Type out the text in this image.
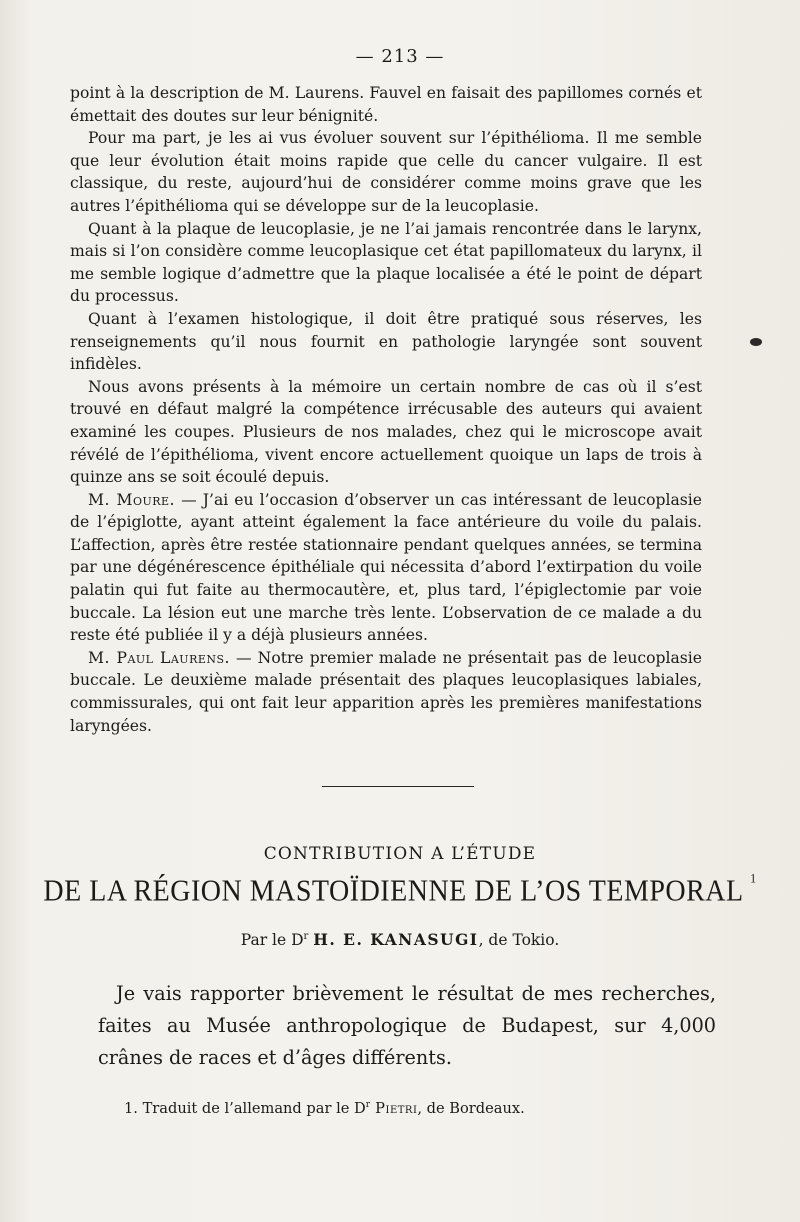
— 213 —

point à la description de M. Laurens. Fauvel en faisait des papillomes cornés et émettait des doutes sur leur bénignité.

Pour ma part, je les ai vus évoluer souvent sur l’épithélioma. Il me semble que leur évolution était moins rapide que celle du cancer vulgaire. Il est classique, du reste, aujourd’hui de considérer comme moins grave que les autres l’épithélioma qui se développe sur de la leucoplasie.

Quant à la plaque de leucoplasie, je ne l’ai jamais rencontrée dans le larynx, mais si l’on considère comme leucoplasique cet état papillomateux du larynx, il me semble logique d’admettre que la plaque localisée a été le point de départ du processus.

Quant à l’examen histologique, il doit être pratiqué sous réserves, les renseignements qu’il nous fournit en pathologie laryngée sont souvent infidèles.

Nous avons présents à la mémoire un certain nombre de cas où il s’est trouvé en défaut malgré la compétence irrécusable des auteurs qui avaient examiné les coupes. Plusieurs de nos malades, chez qui le microscope avait révélé de l’épithélioma, vivent encore actuellement quoique un laps de trois à quinze ans se soit écoulé depuis.

M. Moure. — J’ai eu l’occasion d’observer un cas intéressant de leucoplasie de l’épiglotte, ayant atteint également la face antérieure du voile du palais. L’affection, après être restée stationnaire pendant quelques années, se termina par une dégénérescence épithéliale qui nécessita d’abord l’extirpation du voile palatin qui fut faite au thermocautère, et, plus tard, l’épiglectomie par voie buccale. La lésion eut une marche très lente. L’observation de ce malade a du reste été publiée il y a déjà plusieurs années.

M. Paul Laurens. — Notre premier malade ne présentait pas de leucoplasie buccale. Le deuxième malade présentait des plaques leucoplasiques labiales, commissurales, qui ont fait leur apparition après les premières manifestations laryngées.

CONTRIBUTION A L’ÉTUDE
DE LA RÉGION MASTOÏDIENNE DE L’OS TEMPORAL $^1$
Par le $D^r$ H. E. KANASUGI, de Tokio.

Je vais rapporter brièvement le résultat de mes recherches, faites au Musée anthropologique de Budapest, sur 4,000 crânes de races et d’âges différents.

1. Traduit de l’allemand par le $D^r$ Pietri, de Bordeaux.
